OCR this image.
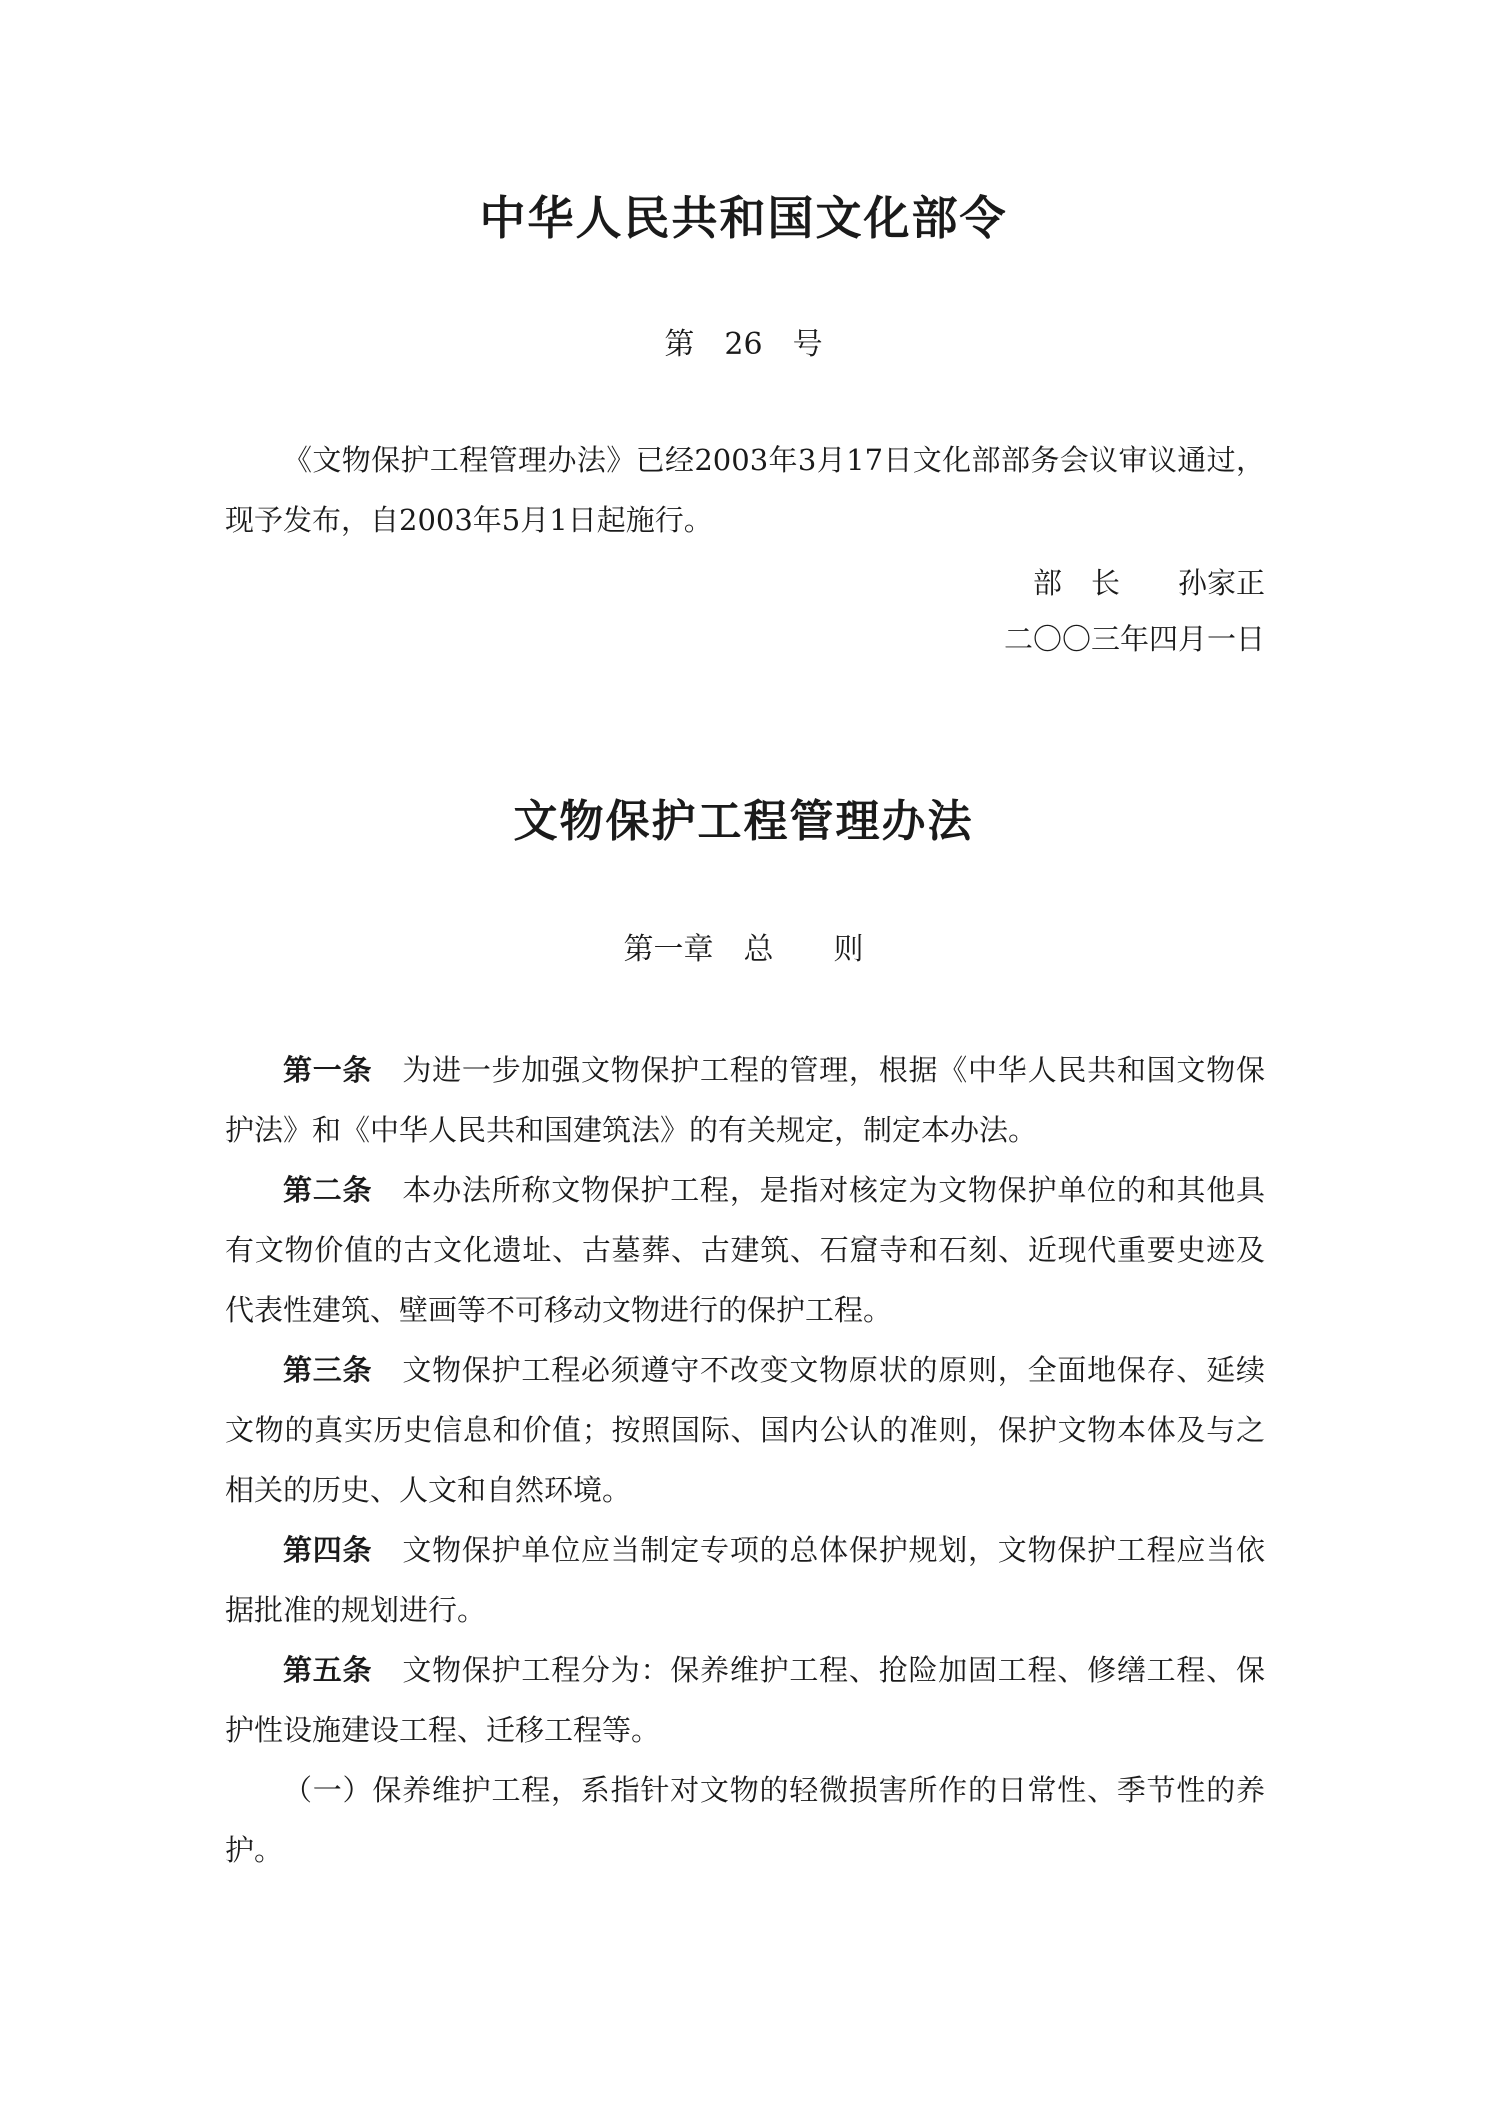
中华人民共和国文化部令
第　26　号

《文物保护工程管理办法》已经2003年3月17日文化部部务会议审议通过，现予发布，自2003年5月1日起施行。

部　长　　孙家正
二〇〇三年四月一日
文物保护工程管理办法
第一章　总　　则

第一条 为进一步加强文物保护工程的管理，根据《中华人民共和国文物保护法》和《中华人民共和国建筑法》的有关规定，制定本办法。

第二条 本办法所称文物保护工程，是指对核定为文物保护单位的和其他具有文物价值的古文化遗址、古墓葬、古建筑、石窟寺和石刻、近现代重要史迹及代表性建筑、壁画等不可移动文物进行的保护工程。

第三条 文物保护工程必须遵守不改变文物原状的原则，全面地保存、延续文物的真实历史信息和价值；按照国际、国内公认的准则，保护文物本体及与之相关的历史、人文和自然环境。

第四条 文物保护单位应当制定专项的总体保护规划，文物保护工程应当依据批准的规划进行。

第五条 文物保护工程分为：保养维护工程、抢险加固工程、修缮工程、保护性设施建设工程、迁移工程等。

（一）保养维护工程，系指针对文物的轻微损害所作的日常性、季节性的养护。
